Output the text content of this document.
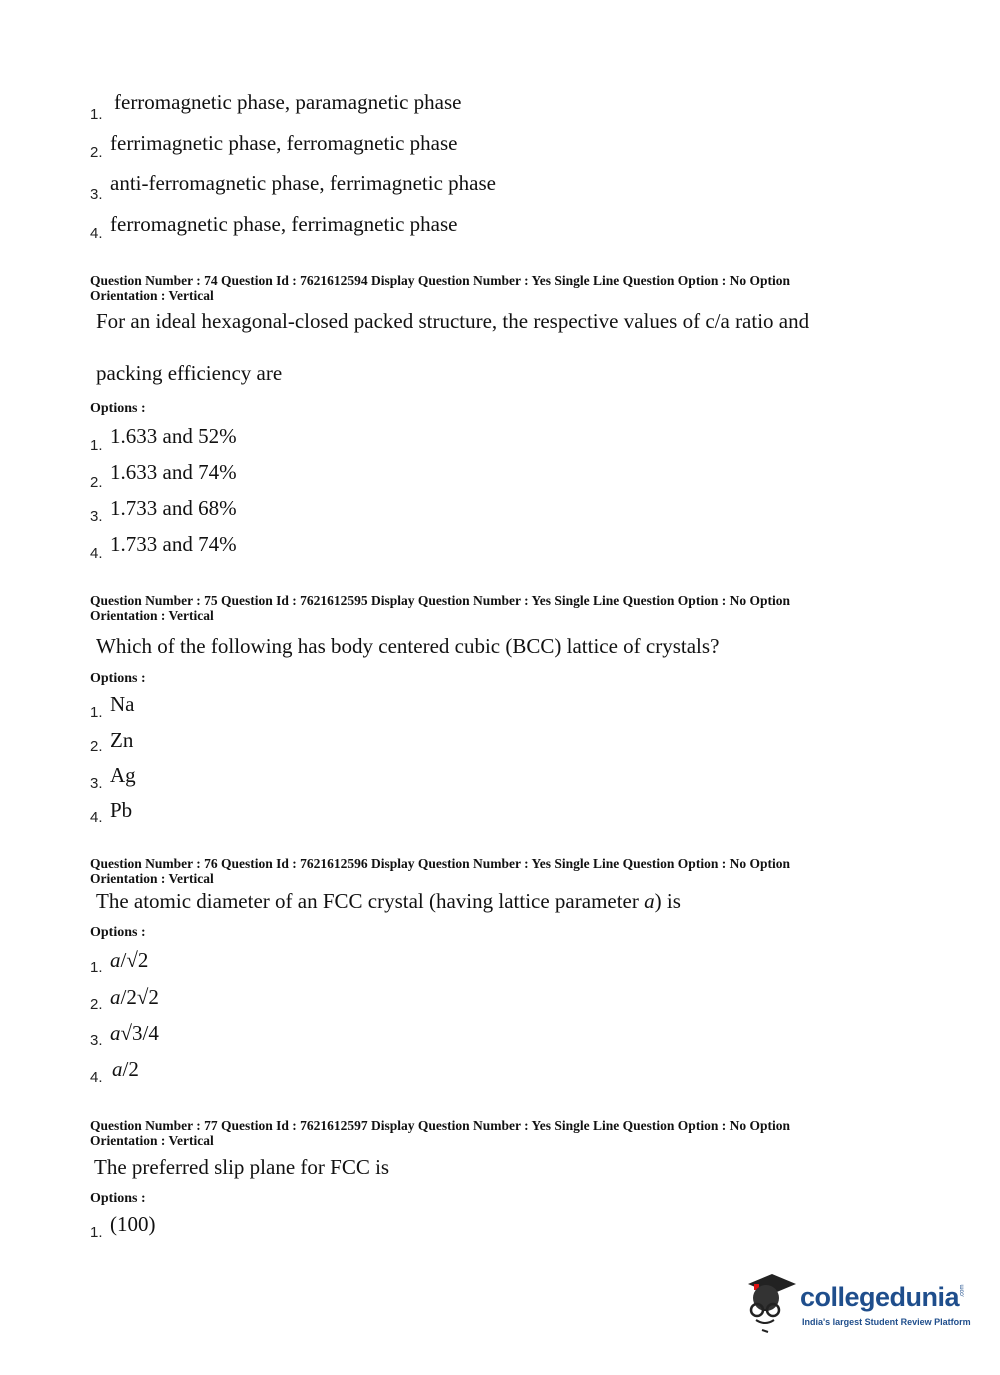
1.
ferromagnetic phase, paramagnetic phase
2. ferrimagnetic phase, ferromagnetic phase
3. anti-ferromagnetic phase, ferrimagnetic phase
4. ferromagnetic phase, ferrimagnetic phase
Question Number : 74 Question Id : 7621612594 Display Question Number : Yes Single Line Question Option : No Option
Orientation : Vertical
For an ideal hexagonal-closed packed structure, the respective values of c/a ratio and
packing efficiency are
Options :
1. 1.633 and 52%
2. 1.633 and 74%
3. 1.733 and 68%
4. 1.733 and 74%
Question Number : 75 Question Id : 7621612595 Display Question Number : Yes Single Line Question Option : No Option
Orientation : Vertical
Which of the following has body centered cubic (BCC) lattice of crystals?
Options :
1. Na
2. Zn
3. Ag
4. Pb
Question Number : 76 Question Id : 7621612596 Display Question Number : Yes Single Line Question Option : No Option
Orientation : Vertical
The atomic diameter of an FCC crystal (having lattice parameter a) is
Options :
1. a/√2
2. a/2√2
3. a√3/4
4. a/2
Question Number : 77 Question Id : 7621612597 Display Question Number : Yes Single Line Question Option : No Option
Orientation : Vertical
The preferred slip plane for FCC is
Options :
1. (100)
collegedunia .com
India's largest Student Review Platform
